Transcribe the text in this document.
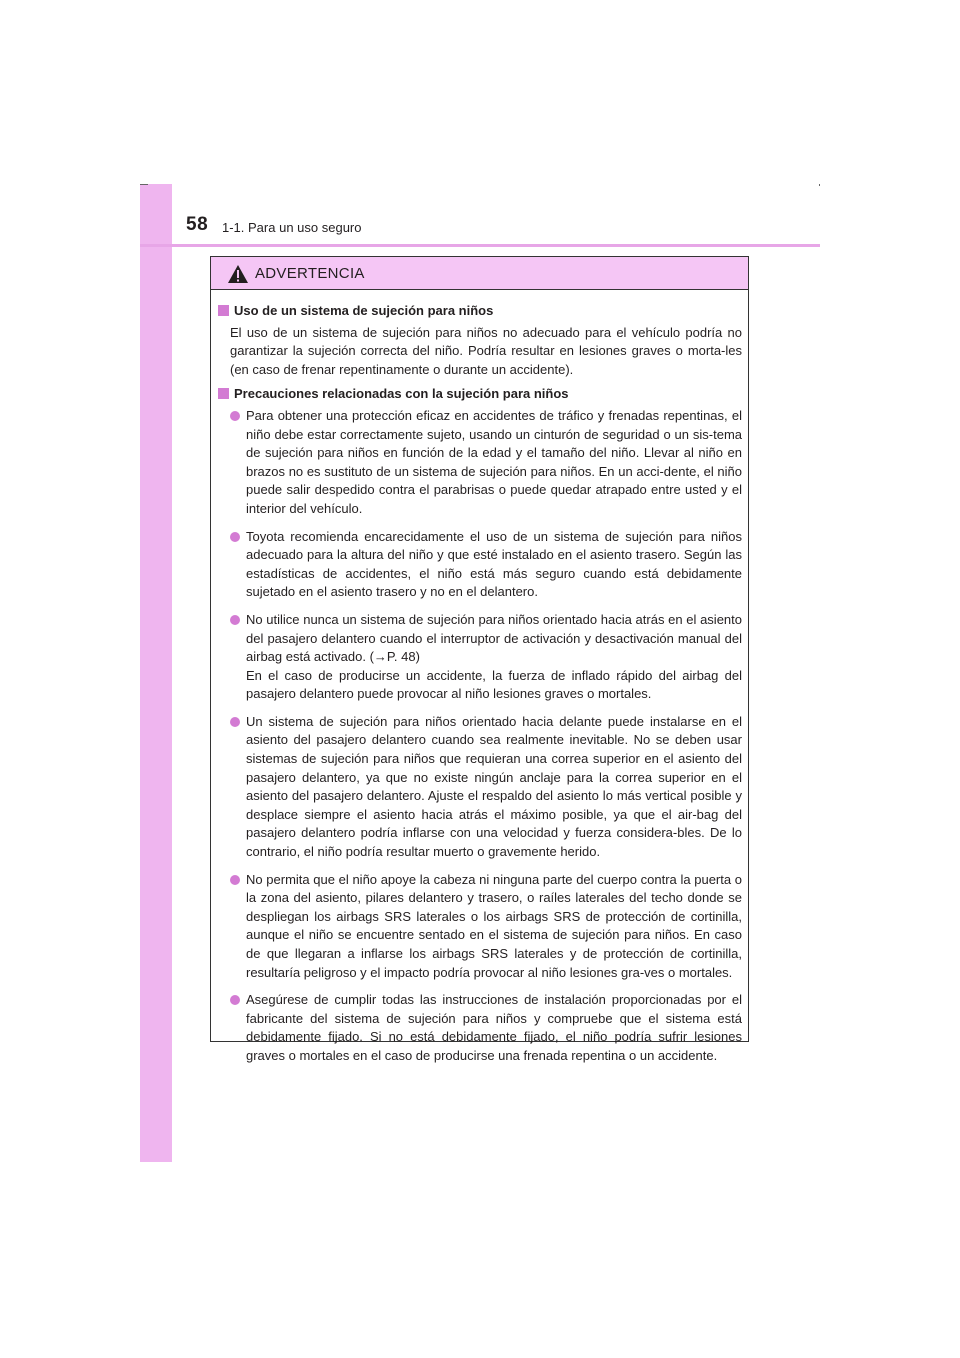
58 1-1. Para un uso seguro
ADVERTENCIA
Uso de un sistema de sujeción para niños
El uso de un sistema de sujeción para niños no adecuado para el vehículo podría no garantizar la sujeción correcta del niño. Podría resultar en lesiones graves o morta-les (en caso de frenar repentinamente o durante un accidente).
Precauciones relacionadas con la sujeción para niños
Para obtener una protección eficaz en accidentes de tráfico y frenadas repentinas, el niño debe estar correctamente sujeto, usando un cinturón de seguridad o un sis-tema de sujeción para niños en función de la edad y el tamaño del niño. Llevar al niño en brazos no es sustituto de un sistema de sujeción para niños. En un acci-dente, el niño puede salir despedido contra el parabrisas o puede quedar atrapado entre usted y el interior del vehículo.
Toyota recomienda encarecidamente el uso de un sistema de sujeción para niños adecuado para la altura del niño y que esté instalado en el asiento trasero. Según las estadísticas de accidentes, el niño está más seguro cuando está debidamente sujetado en el asiento trasero y no en el delantero.

No utilice nunca un sistema de sujeción para niños orientado hacia atrás en el asiento del pasajero delantero cuando el interruptor de activación y desactivación manual del airbag está activado. (→P. 48)

En el caso de producirse un accidente, la fuerza de inflado rápido del airbag del pasajero delantero puede provocar al niño lesiones graves o mortales.

Un sistema de sujeción para niños orientado hacia delante puede instalarse en el asiento del pasajero delantero cuando sea realmente inevitable. No se deben usar sistemas de sujeción para niños que requieran una correa superior en el asiento del pasajero delantero, ya que no existe ningún anclaje para la correa superior en el asiento del pasajero delantero. Ajuste el respaldo del asiento lo más vertical posible y desplace siempre el asiento hacia atrás el máximo posible, ya que el air-bag del pasajero delantero podría inflarse con una velocidad y fuerza considera-bles. De lo contrario, el niño podría resultar muerto o gravemente herido.
No permita que el niño apoye la cabeza ni ninguna parte del cuerpo contra la puerta o la zona del asiento, pilares delantero y trasero, o raíles laterales del techo donde se despliegan los airbags SRS laterales o los airbags SRS de protección de cortinilla, aunque el niño se encuentre sentado en el sistema de sujeción para niños. En caso de que llegaran a inflarse los airbags SRS laterales y de protección de cortinilla, resultaría peligroso y el impacto podría provocar al niño lesiones gra-ves o mortales.
Asegúrese de cumplir todas las instrucciones de instalación proporcionadas por el fabricante del sistema de sujeción para niños y compruebe que el sistema está debidamente fijado. Si no está debidamente fijado, el niño podría sufrir lesiones graves o mortales en el caso de producirse una frenada repentina o un accidente.
